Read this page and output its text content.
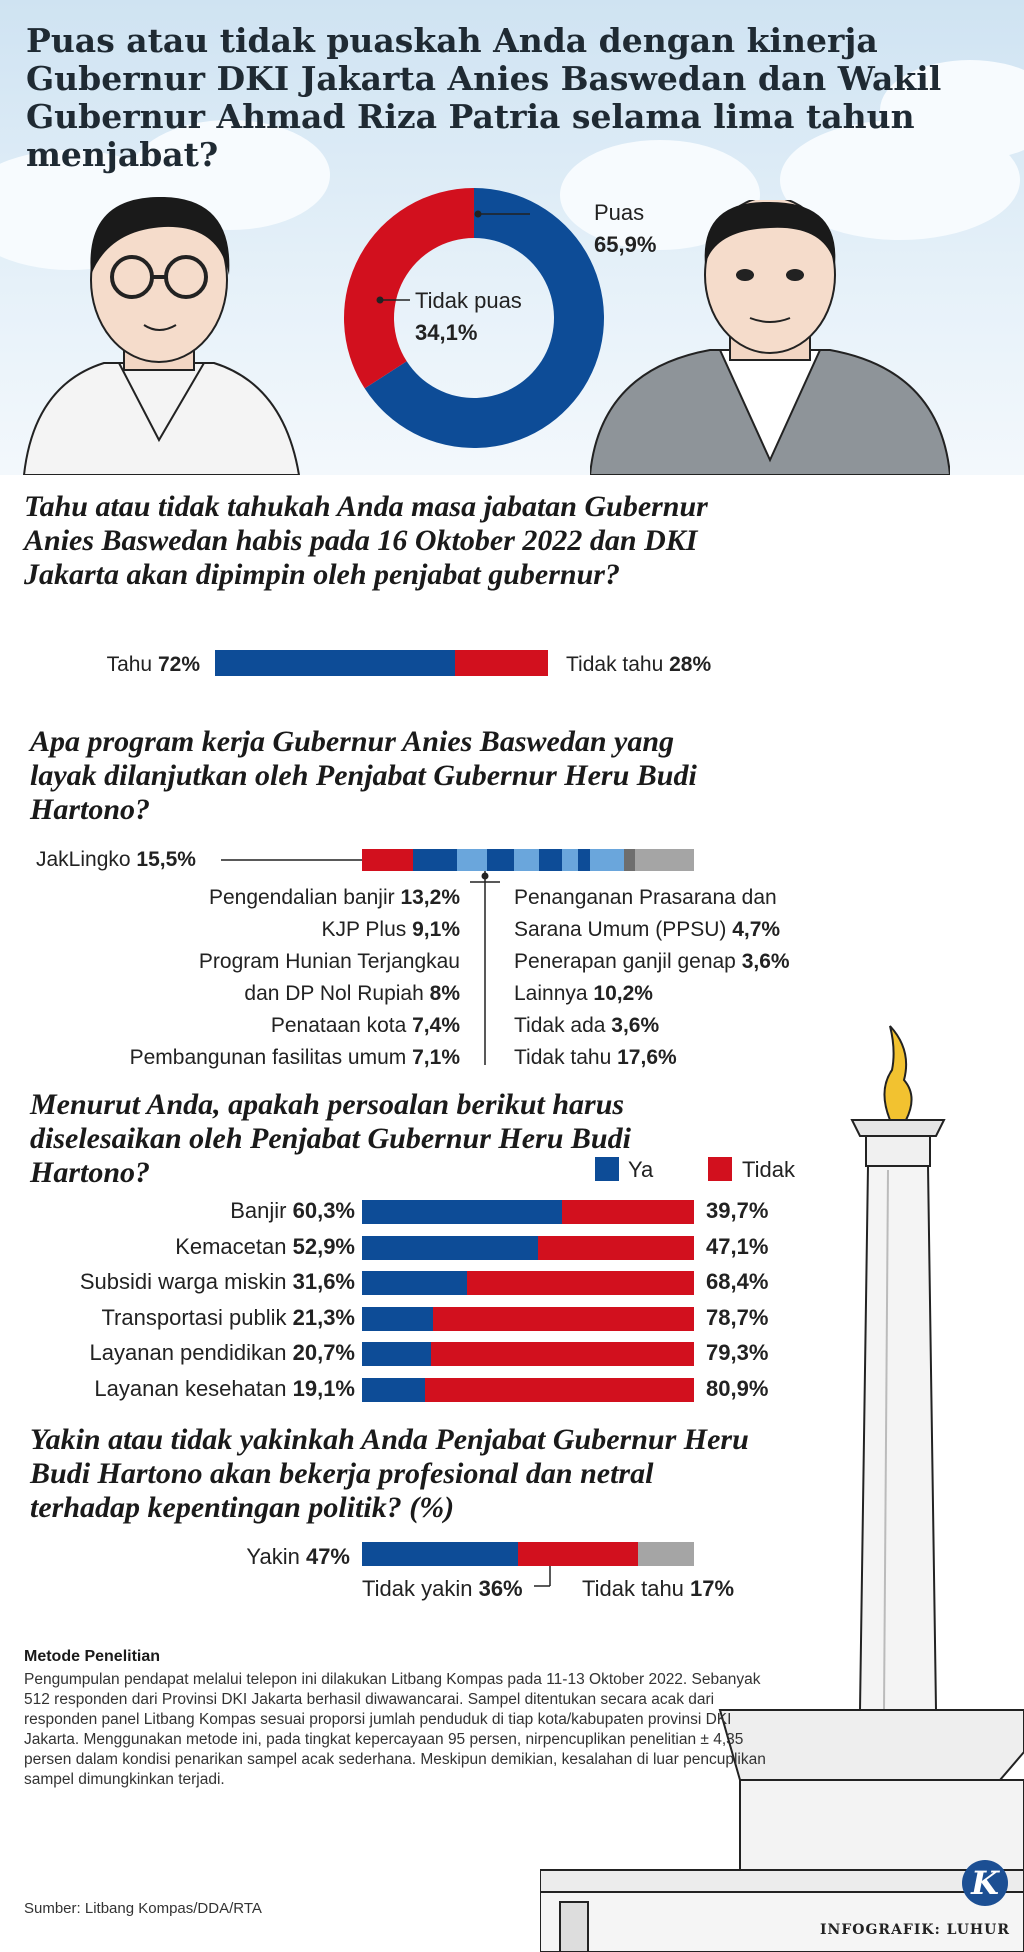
Puas atau tidak puaskah Anda dengan kinerja Gubernur DKI Jakarta Anies Baswedan dan Wakil Gubernur Ahmad Riza Patria selama lima tahun menjabat?
Puas
65,9%
Tidak puas
34,1%
Tahu atau tidak tahukah Anda masa jabatan Gubernur Anies Baswedan habis pada 16 Oktober 2022 dan DKI Jakarta akan dipimpin oleh penjabat gubernur?
Tahu 72%	Tidak tahu 28%
Apa program kerja Gubernur Anies Baswedan yang layak dilanjutkan oleh Penjabat Gubernur Heru Budi Hartono?
JakLingko 15,5%
Pengendalian banjir 13,2%
KJP Plus 9,1%
Program Hunian Terjangkau
dan DP Nol Rupiah 8%
Penataan kota 7,4%
Pembangunan fasilitas umum 7,1%
Penanganan Prasarana dan
Sarana Umum (PPSU) 4,7%
Penerapan ganjil genap 3,6%
Lainnya 10,2%
Tidak ada 3,6%
Tidak tahu 17,6%
Menurut Anda, apakah persoalan berikut harus diselesaikan oleh Penjabat Gubernur Heru Budi Hartono?	Ya	Tidak
Banjir 60,3%	39,7%
Kemacetan 52,9%	47,1%
Subsidi warga miskin 31,6%	68,4%
Transportasi publik 21,3%	78,7%
Layanan pendidikan 20,7%	79,3%
Layanan kesehatan 19,1%	80,9%
Yakin atau tidak yakinkah Anda Penjabat Gubernur Heru Budi Hartono akan bekerja profesional dan netral terhadap kepentingan politik? (%)
Yakin 47%
Tidak yakin 36%	Tidak tahu 17%
Metode Penelitian
Pengumpulan pendapat melalui telepon ini dilakukan Litbang Kompas pada 11-13 Oktober 2022. Sebanyak 512 responden dari Provinsi DKI Jakarta berhasil diwawancarai. Sampel ditentukan secara acak dari responden panel Litbang Kompas sesuai proporsi jumlah penduduk di tiap kota/kabupaten provinsi DKI Jakarta. Menggunakan metode ini, pada tingkat kepercayaan 95 persen, nirpencuplikan penelitian ± 4,35 persen dalam kondisi penarikan sampel acak sederhana. Meskipun demikian, kesalahan di luar pencuplikan sampel dimungkinkan terjadi.
Sumber: Litbang Kompas/DDA/RTA
K
INFOGRAFIK: LUHUR
